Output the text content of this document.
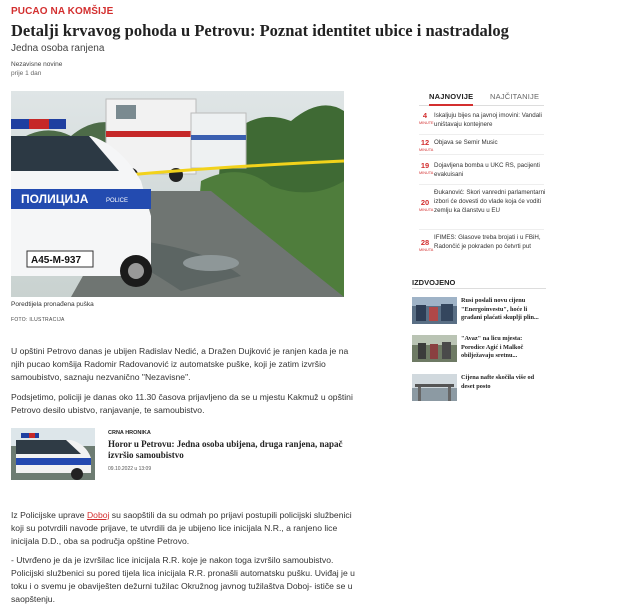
PUCAO NA KOMŠIJE
Detalji krvavog pohoda u Petrovu: Poznat identitet ubice i nastradalog
Jedna osoba ranjena
Nezavisne novine
prije 1 dan
ПОЛИЦИЈА	POLICE
A45-M-937
Poredtijela pronađena puška
FOTO: ILUSTRACIJA
U opštini Petrovo danas je ubijen Radislav Nedić, a Dražen Dujković je ranjen kada je na njih pucao komšija Radomir Radovanović iz automatske puške, koji je zatim izvršio samoubistvo, saznaju nezvanično "Nezavisne".
Podsjetimo, policiji je danas oko 11.30 časova prijavljeno da se u mjestu Kakmuž u opštini Petrovo desilo ubistvo, ranjavanje, te samoubistvo.
CRNA HRONIKA
Horor u Petrovu: Jedna osoba ubijena, druga ranjena, napač izvršio samoubistvo
09.10.2022 u 13:09
Iz Policijske uprave Doboj su saopštili da su odmah po prijavi postupili policijski službenici koji su potvrdili navode prijave, te utvrdili da je ubijeno lice inicijala N.R., a ranjeno lice inicijala D.D., oba sa područja opštine Petrovo.
- Utvrđeno je da je izvršilac lice inicijala R.R. koje je nakon toga izvršilo samoubistvo. Policijski službenici su pored tijela lica inicijala R.R. pronašli automatsku pušku. Uviđaj je u toku i o svemu je obaviješten dežurni tužilac Okružnog javnog tužilaštva Doboj- ističe se u saopštenju.
NAJNOVIJE NAJČITANIJE
4
MINUTE
Iskaljuju bijes na javnoj imovini: Vandali uništavaju kontejnere
12
MINUTA
Objava se Semir Music
19
MINUTA
Dojavljena bomba u UKC RS, pacijenti evakuisani
20
MINUTA
Đukanović: Skori vanredni parlamentarni izbori će dovesti do vlade koja će voditi zemlju ka članstvu u EU
28
MINUTA
IFIMES: Glasove treba brojati i u FBiH, Radončić je pokraden po četvrti put
IZDVOJENO
Rusi poslali novu cijenu "Energoinvestu", hoće li građani plaćati skuplji plin...
"Avaz" na licu mjesta: Porodice Agić i Malkoč obilježavaju sretnu...
Cijena nafte skočila više od deset posto
